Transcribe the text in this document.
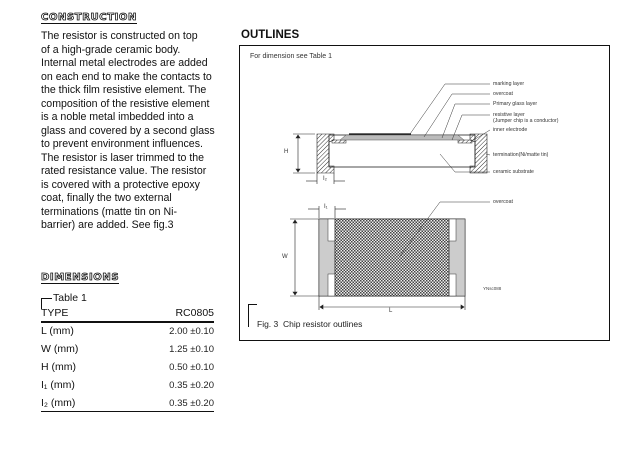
CONSTRUCTION
The resistor is constructed on top
of a high-grade ceramic body.
Internal metal electrodes are added
on each end to make the contacts to
the thick film resistive element. The
composition of the resistive element
is a noble metal imbedded into a
glass and covered by a second glass
to prevent environment influences.
The resistor is laser trimmed to the
rated resistance value. The resistor
is covered with a protective epoxy
coat, finally the two external
terminations (matte tin on Ni-
barrier) are added. See fig.3
DIMENSIONS
Table 1
TYPE	RC0805
L (mm)	2.00 ±0.10
W (mm)	1.25 ±0.10
H (mm)	0.50 ±0.10
I₁ (mm)	0.35 ±0.20
I₂ (mm)	0.35 ±0.20
OUTLINES
For dimension see Table 1
marking layer
overcoat
Primary glass layer
resistive layer
(Jumper chip is a conductor)
inner electrode
termination(Ni/matte tin)
ceramic substrate
overcoat
H
I₂
I₁
W
L
YNsc088
Fig. 3 Chip resistor outlines
